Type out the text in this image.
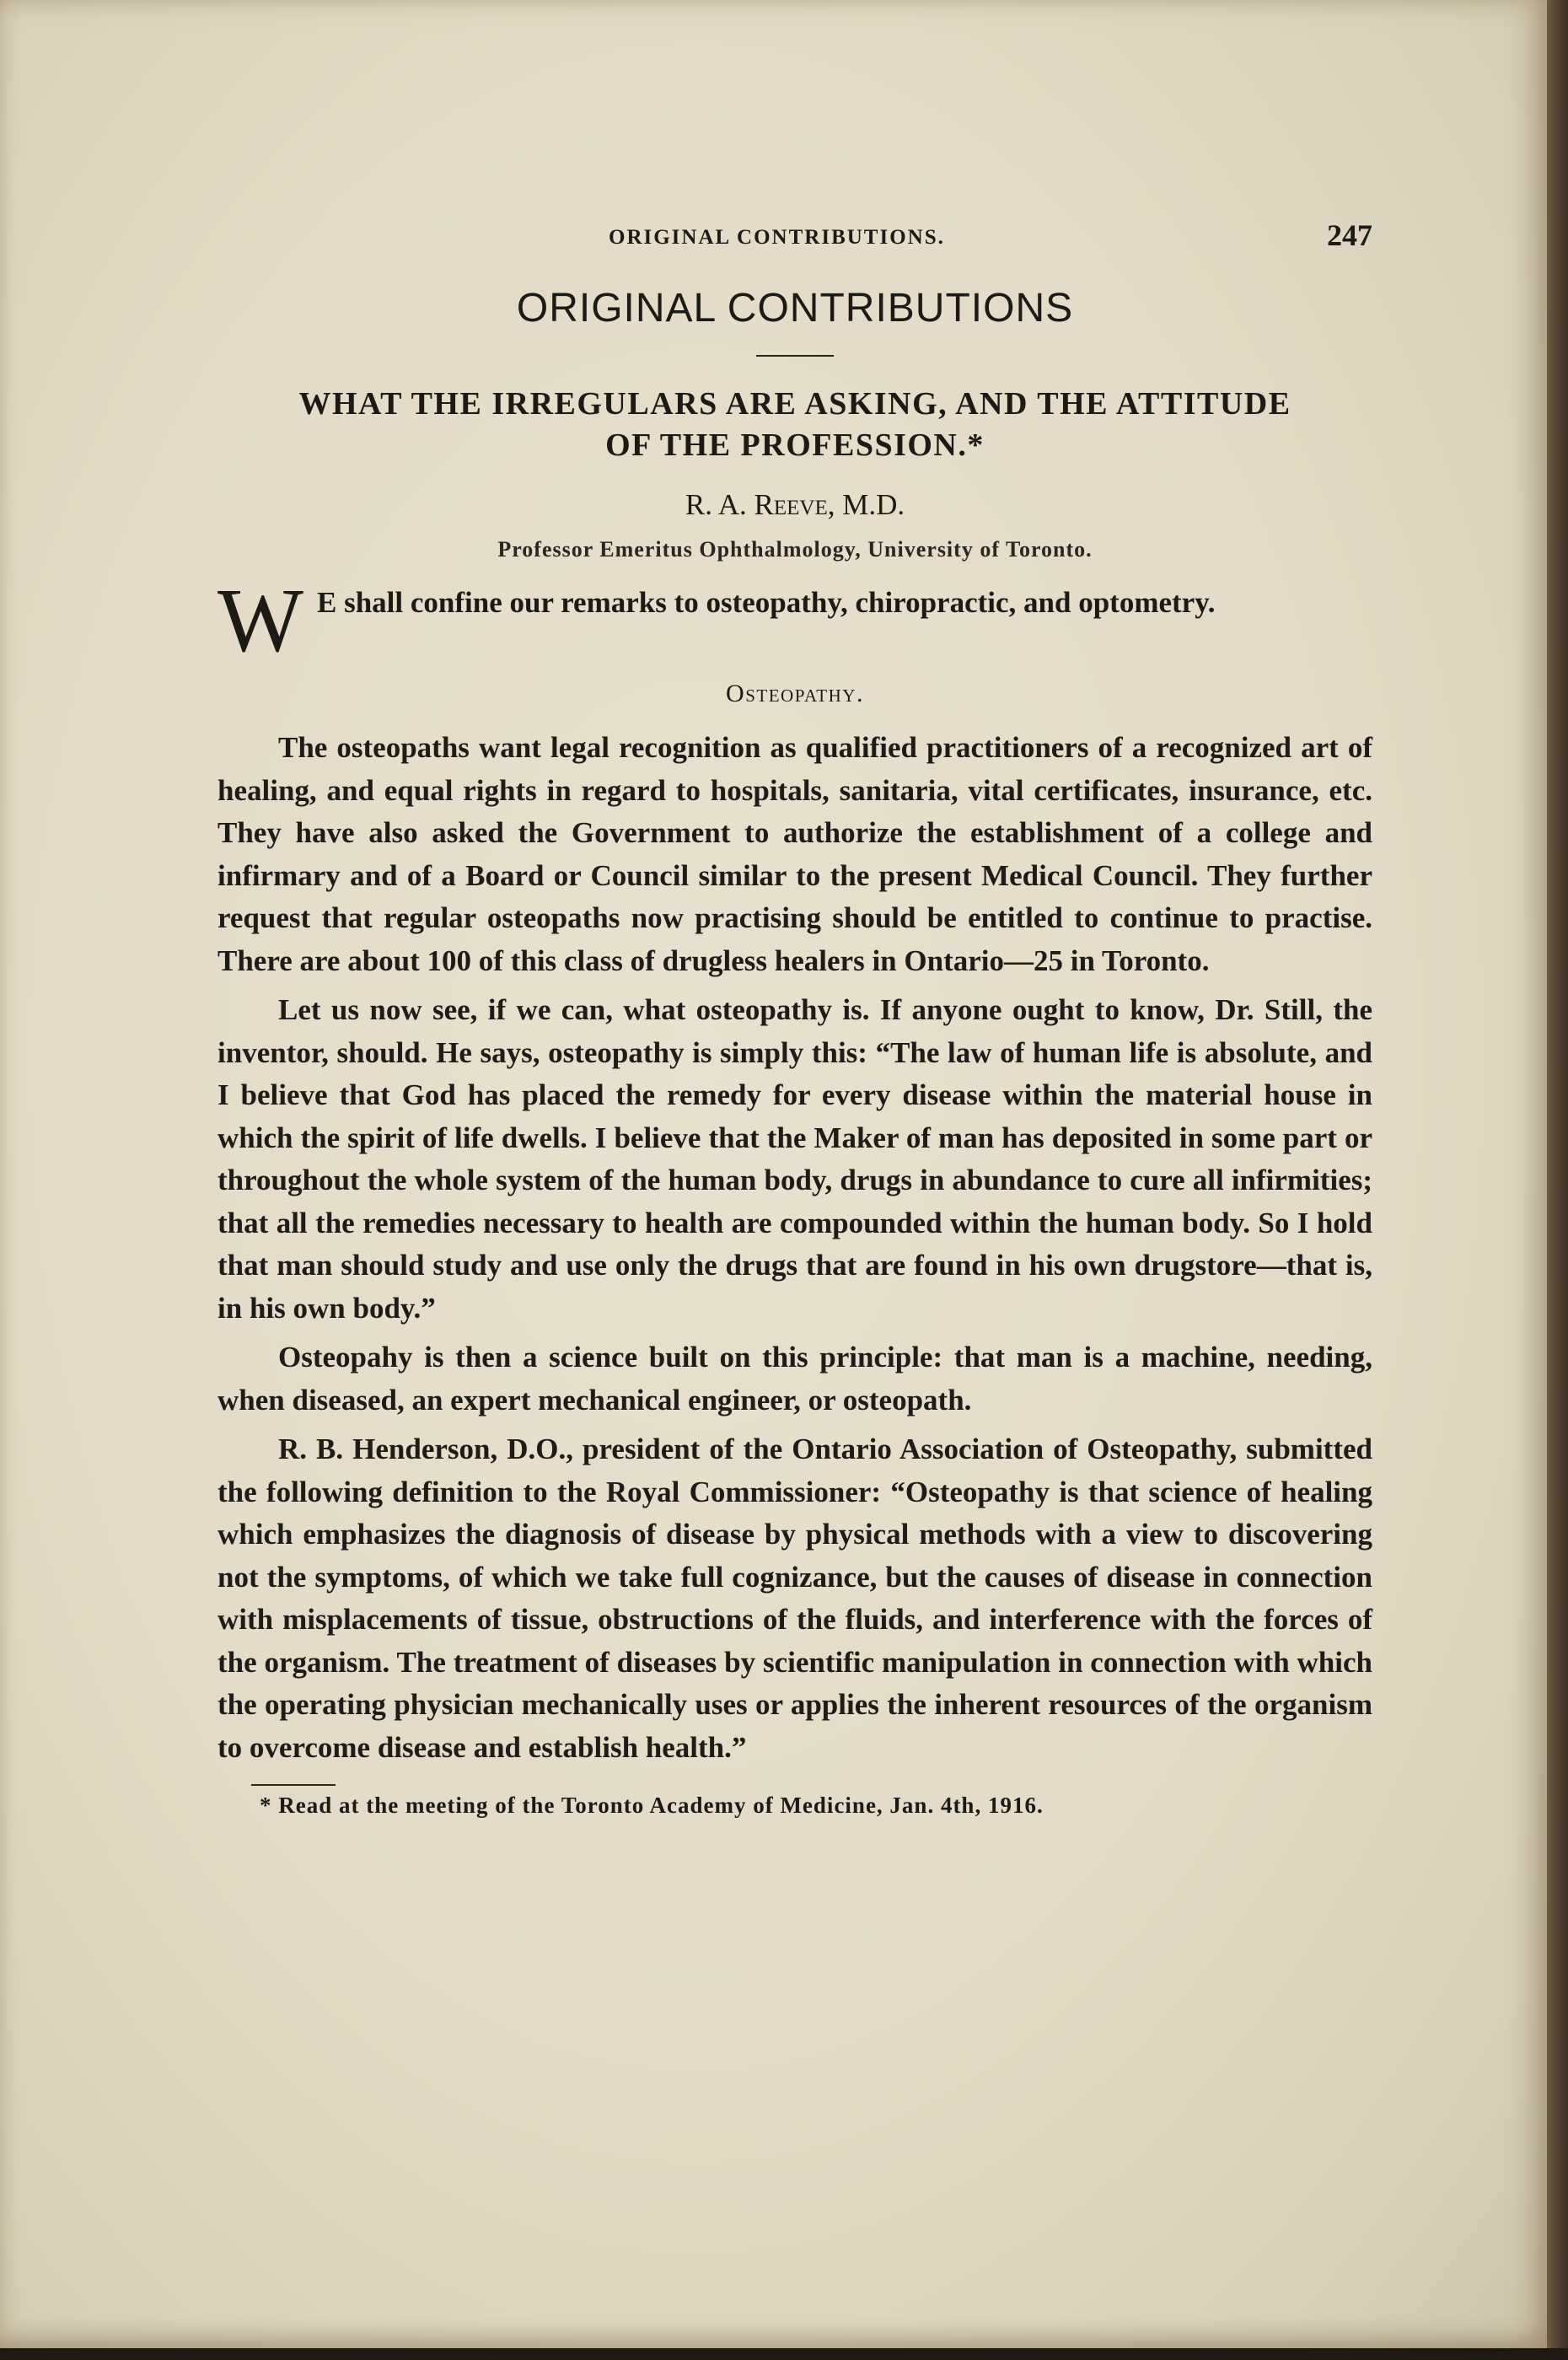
ORIGINAL CONTRIBUTIONS.	247
ORIGINAL CONTRIBUTIONS
WHAT THE IRREGULARS ARE ASKING, AND THE ATTITUDE
OF THE PROFESSION.*
R. A. Reeve, M.D.
Professor Emeritus Ophthalmology, University of Toronto.
W E shall confine our remarks to osteopathy, chiropractic, and optometry.
Osteopathy.

The osteopaths want legal recognition as qualified practitioners of a recognized art of healing, and equal rights in regard to hospitals, sanitaria, vital certificates, insurance, etc. They have also asked the Government to authorize the establishment of a college and infirmary and of a Board or Council similar to the present Medical Council. They further request that regular osteopaths now practising should be entitled to continue to practise. There are about 100 of this class of drugless healers in Ontario—25 in Toronto.

Let us now see, if we can, what osteopathy is. If anyone ought to know, Dr. Still, the inventor, should. He says, osteopathy is simply this: “The law of human life is absolute, and I believe that God has placed the remedy for every disease within the material house in which the spirit of life dwells. I believe that the Maker of man has deposited in some part or throughout the whole system of the human body, drugs in abundance to cure all infirmities; that all the remedies necessary to health are compounded within the human body. So I hold that man should study and use only the drugs that are found in his own drugstore—that is, in his own body.”

Osteopahy is then a science built on this principle: that man is a machine, needing, when diseased, an expert mechanical engineer, or osteopath.

R. B. Henderson, D.O., president of the Ontario Association of Osteopathy, submitted the following definition to the Royal Commissioner: “Osteopathy is that science of healing which emphasizes the diagnosis of disease by physical methods with a view to discovering not the symptoms, of which we take full cognizance, but the causes of disease in connection with misplacements of tissue, obstructions of the fluids, and interference with the forces of the organism. The treatment of diseases by scientific manipulation in connection with which the operating physician mechanically uses or applies the inherent resources of the organism to overcome disease and establish health.”

* Read at the meeting of the Toronto Academy of Medicine, Jan. 4th, 1916.
